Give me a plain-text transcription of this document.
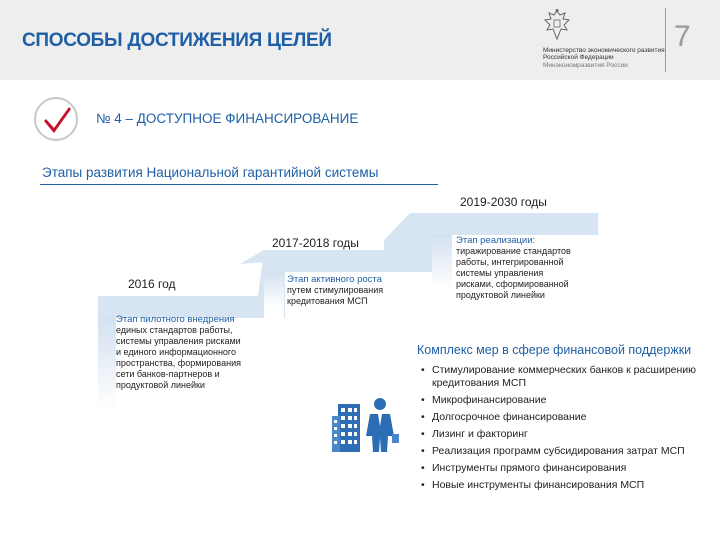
СПОСОБЫ ДОСТИЖЕНИЯ ЦЕЛЕЙ	Министерство экономического развития
Российской Федерации
Минэкономразвития России
7
№ 4 – ДОСТУПНОЕ ФИНАНСИРОВАНИЕ
Этапы развития Национальной гарантийной системы
2016 год
Этап пилотного внедрения
единых стандартов работы,
системы управления рисками
и единого информационного
пространства, формирования
сети банков-партнеров и
продуктовой линейки
2017-2018 годы
Этап активного роста
путем стимулирования
кредитования МСП
2019-2030 годы
Этап реализации:
тиражирование стандартов
работы, интегрированной
системы управления
рисками, сформированной
продуктовой линейки
Комплекс мер в сфере финансовой поддержки
• Стимулирование коммерческих банков к расширению кредитования МСП
• Микрофинансирование
• Долгосрочное финансирование
• Лизинг и факторинг
• Реализация программ субсидирования затрат МСП
• Инструменты прямого финансирования
• Новые инструменты финансирования МСП
